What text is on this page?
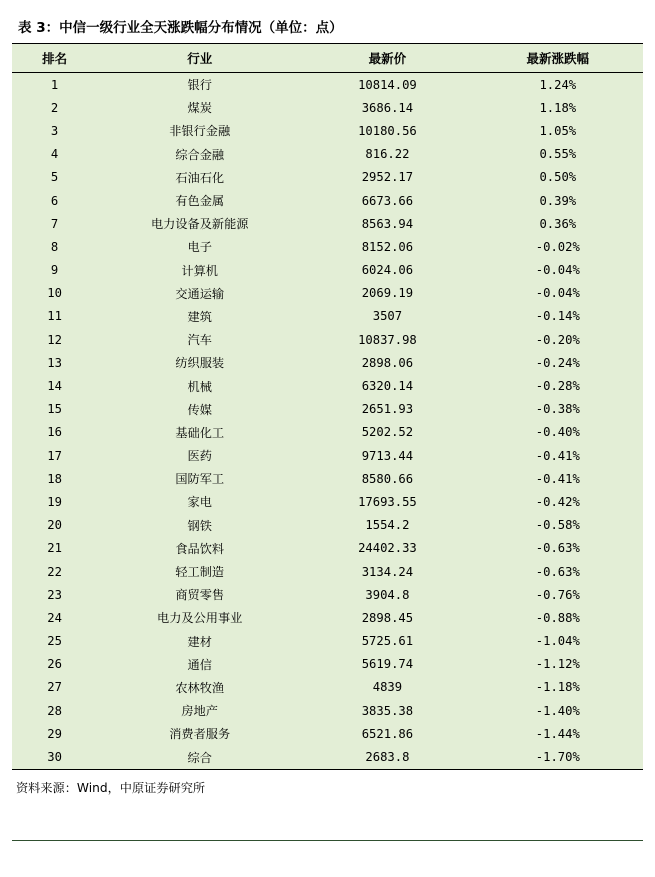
表 3：中信一级行业全天涨跌幅分布情况（单位：点）
排名	行业	最新价	最新涨跌幅
1	银行	10814.09	1.24%
2	煤炭	3686.14	1.18%
3	非银行金融	10180.56	1.05%
4	综合金融	816.22	0.55%
5	石油石化	2952.17	0.50%
6	有色金属	6673.66	0.39%
7	电力设备及新能源	8563.94	0.36%
8	电子	8152.06	-0.02%
9	计算机	6024.06	-0.04%
10	交通运输	2069.19	-0.04%
11	建筑	3507	-0.14%
12	汽车	10837.98	-0.20%
13	纺织服装	2898.06	-0.24%
14	机械	6320.14	-0.28%
15	传媒	2651.93	-0.38%
16	基础化工	5202.52	-0.40%
17	医药	9713.44	-0.41%
18	国防军工	8580.66	-0.41%
19	家电	17693.55	-0.42%
20	钢铁	1554.2	-0.58%
21	食品饮料	24402.33	-0.63%
22	轻工制造	3134.24	-0.63%
23	商贸零售	3904.8	-0.76%
24	电力及公用事业	2898.45	-0.88%
25	建材	5725.61	-1.04%
26	通信	5619.74	-1.12%
27	农林牧渔	4839	-1.18%
28	房地产	3835.38	-1.40%
29	消费者服务	6521.86	-1.44%
30	综合	2683.8	-1.70%
资料来源：Wind，中原证券研究所
